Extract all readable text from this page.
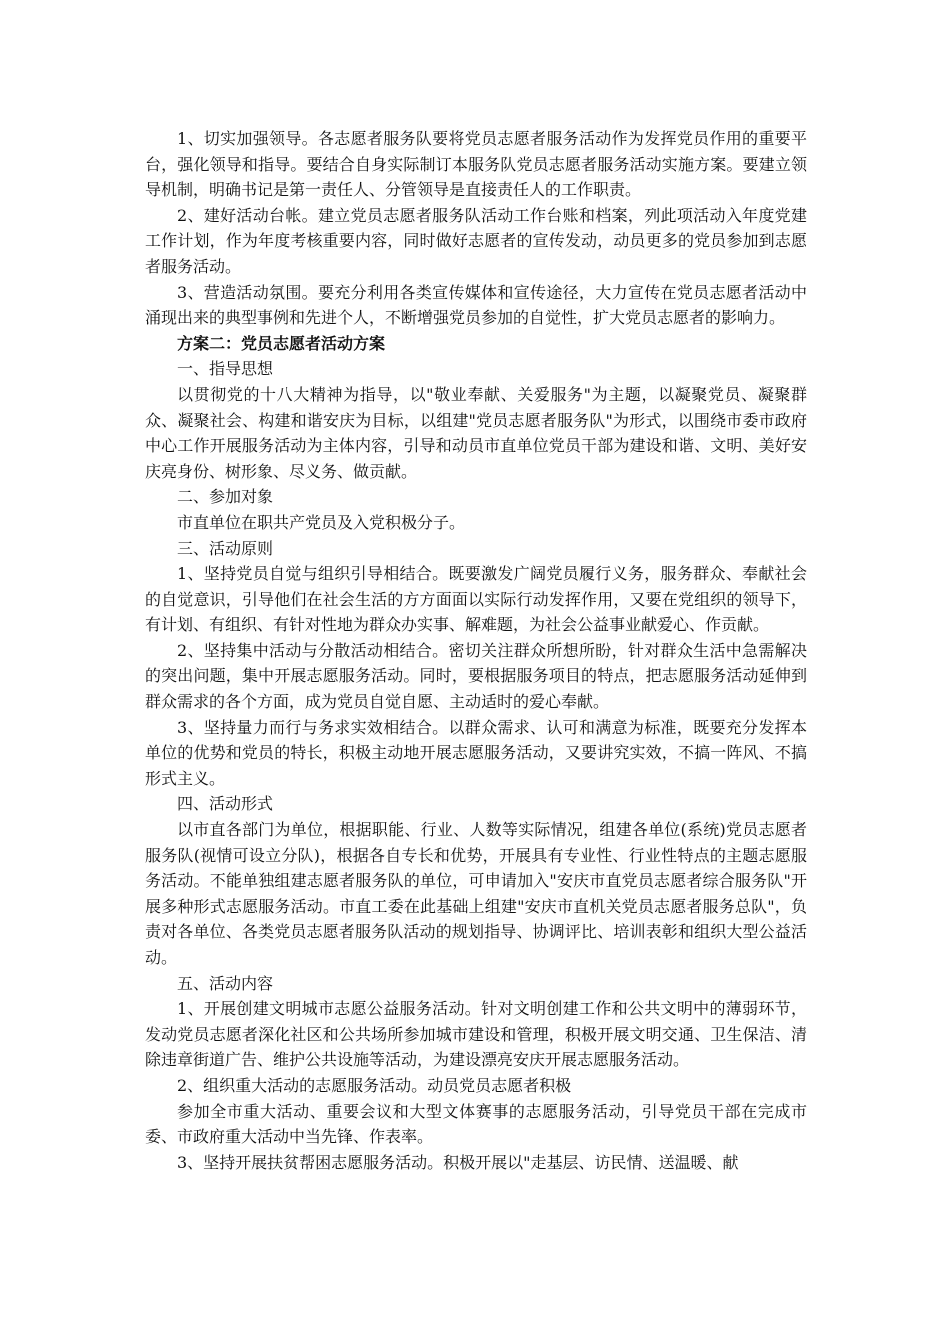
1、切实加强领导。各志愿者服务队要将党员志愿者服务活动作为发挥党员作用的重要平台，强化领导和指导。要结合自身实际制订本服务队党员志愿者服务活动实施方案。要建立领导机制，明确书记是第一责任人、分管领导是直接责任人的工作职责。

2、建好活动台帐。建立党员志愿者服务队活动工作台账和档案，列此项活动入年度党建工作计划，作为年度考核重要内容，同时做好志愿者的宣传发动，动员更多的党员参加到志愿者服务活动。

3、营造活动氛围。要充分利用各类宣传媒体和宣传途径，大力宣传在党员志愿者活动中涌现出来的典型事例和先进个人，不断增强党员参加的自觉性，扩大党员志愿者的影响力。

方案二：党员志愿者活动方案

一、指导思想

以贯彻党的十八大精神为指导，以"敬业奉献、关爱服务"为主题，以凝聚党员、凝聚群众、凝聚社会、构建和谐安庆为目标，以组建"党员志愿者服务队"为形式，以围绕市委市政府中心工作开展服务活动为主体内容，引导和动员市直单位党员干部为建设和谐、文明、美好安庆亮身份、树形象、尽义务、做贡献。

二、参加对象

市直单位在职共产党员及入党积极分子。

三、活动原则

1、坚持党员自觉与组织引导相结合。既要激发广阔党员履行义务，服务群众、奉献社会的自觉意识，引导他们在社会生活的方方面面以实际行动发挥作用，又要在党组织的领导下，有计划、有组织、有针对性地为群众办实事、解难题，为社会公益事业献爱心、作贡献。

2、坚持集中活动与分散活动相结合。密切关注群众所想所盼，针对群众生活中急需解决的突出问题，集中开展志愿服务活动。同时，要根据服务项目的特点，把志愿服务活动延伸到群众需求的各个方面，成为党员自觉自愿、主动适时的爱心奉献。

3、坚持量力而行与务求实效相结合。以群众需求、认可和满意为标准，既要充分发挥本单位的优势和党员的特长，积极主动地开展志愿服务活动，又要讲究实效，不搞一阵风、不搞形式主义。

四、活动形式

以市直各部门为单位，根据职能、行业、人数等实际情况，组建各单位(系统)党员志愿者服务队(视情可设立分队)，根据各自专长和优势，开展具有专业性、行业性特点的主题志愿服务活动。不能单独组建志愿者服务队的单位，可申请加入"安庆市直党员志愿者综合服务队"开展多种形式志愿服务活动。市直工委在此基础上组建"安庆市直机关党员志愿者服务总队"，负责对各单位、各类党员志愿者服务队活动的规划指导、协调评比、培训表彰和组织大型公益活动。

五、活动内容

1、开展创建文明城市志愿公益服务活动。针对文明创建工作和公共文明中的薄弱环节，发动党员志愿者深化社区和公共场所参加城市建设和管理，积极开展文明交通、卫生保洁、清除违章街道广告、维护公共设施等活动，为建设漂亮安庆开展志愿服务活动。

2、组织重大活动的志愿服务活动。动员党员志愿者积极

参加全市重大活动、重要会议和大型文体赛事的志愿服务活动，引导党员干部在完成市委、市政府重大活动中当先锋、作表率。

3、坚持开展扶贫帮困志愿服务活动。积极开展以"走基层、访民情、送温暖、献
